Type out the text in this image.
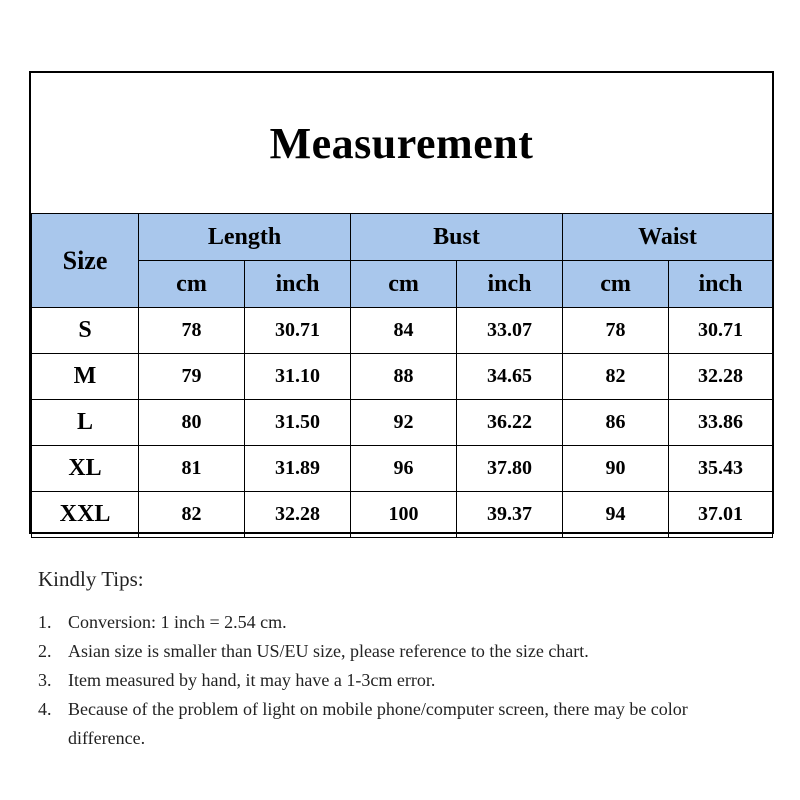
Measurement
Size	Length		Bust		Waist	
	cm	inch	cm	inch	cm	inch
S	78	30.71	84	33.07	78	30.71
M	79	31.10	88	34.65	82	32.28
L	80	31.50	92	36.22	86	33.86
XL	81	31.89	96	37.80	90	35.43
XXL	82	32.28	100	39.37	94	37.01
Kindly Tips:
1. Conversion: 1 inch = 2.54 cm.
2. Asian size is smaller than US/EU size, please reference to the size chart.
3. Item measured by hand, it may have a 1-3cm error.
4. Because of the problem of light on mobile phone/computer screen, there may be color difference.
